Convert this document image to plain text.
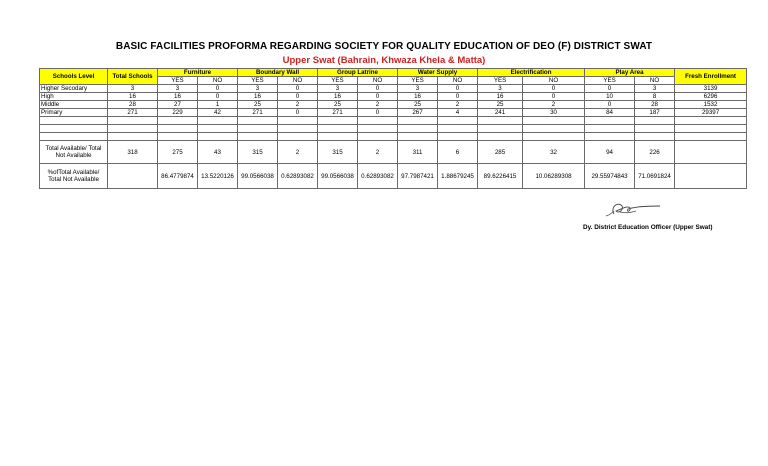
BASIC FACILITIES PROFORMA REGARDING SOCIETY FOR QUALITY EDUCATION OF DEO (F) DISTRICT SWAT
Upper Swat (Bahrain, Khwaza Khela & Matta)
Schools Level	Total Schools	Furniture		Boundary Wall		Group Latrine		Water Supply		Electrification		Play Area		Fresh Enrollment
		YES	NO	YES	NO	YES	NO	YES	NO	YES	NO	YES	NO	
Higher Secodary	3	3	0	3	0	3	0	3	0	3	0	0	3	3139
High	16	16	0	16	0	16	0	16	0	16	0	10	8	6296
Middle	28	27	1	25	2	25	2	25	2	25	2	0	28	1532
Primary	271	229	42	271	0	271	0	267	4	241	30	84	187	29397

Total Available/ Total Not Available	318	275	43	315	2	315	2	311	6	285	32	94	226	
%ofTotal Available/ Total Not Available		86.4779874	13.5220126	99.0566038	0.62893082	99.0566038	0.62893082	97.7987421	1.88679245	89.6226415	10.06289308	29.55974843	71.0691824	
Dy. District Education Officer (Upper Swat)
